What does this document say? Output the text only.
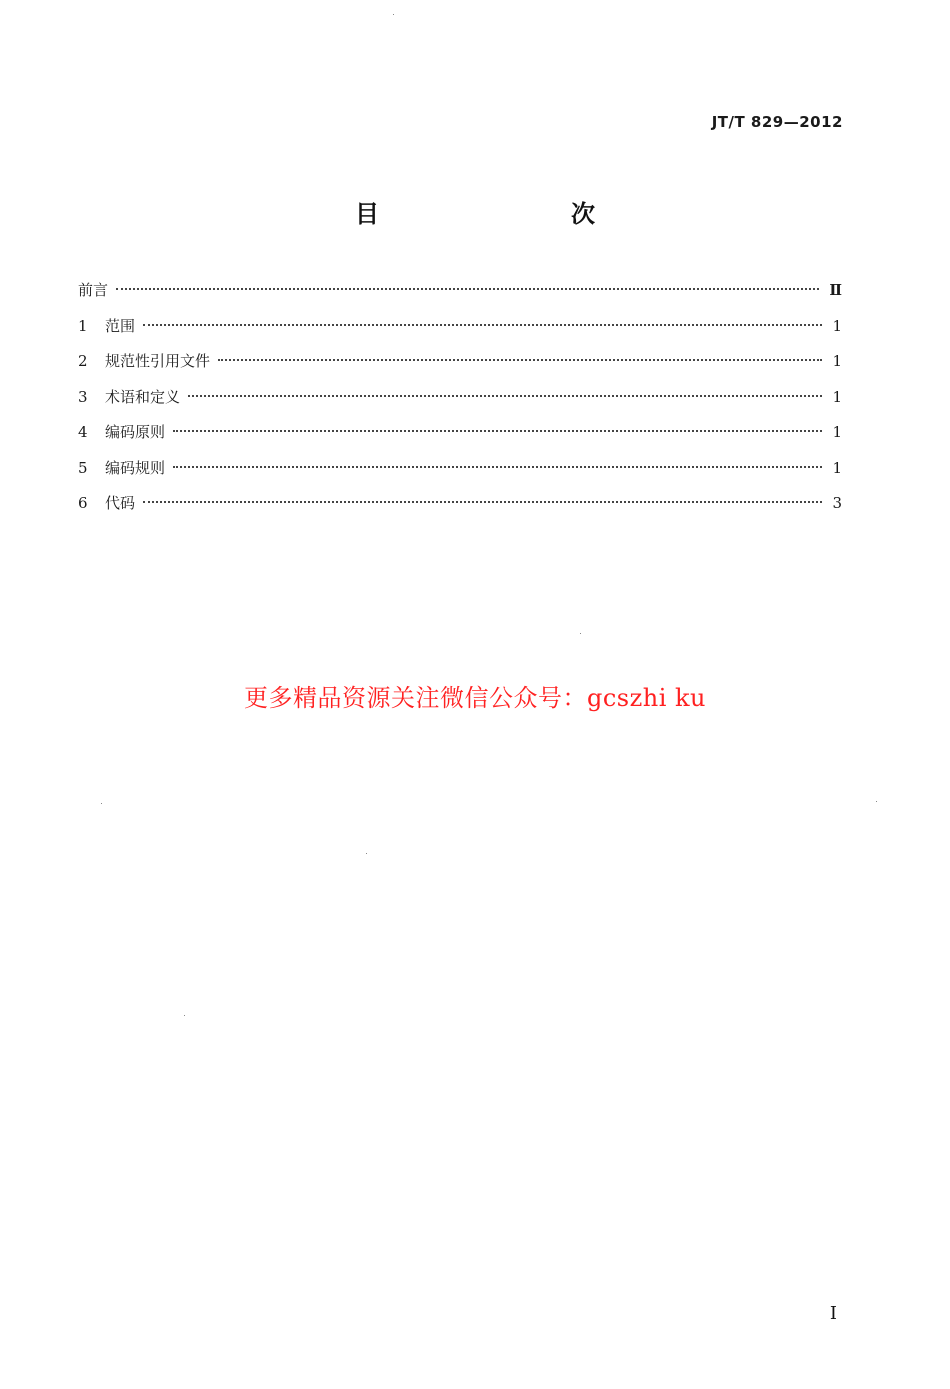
JT/T 829—2012
目　　次
前言	Ⅱ
1	范围	1
2	规范性引用文件	1
3	术语和定义	1
4	编码原则	1
5	编码规则	1
6	代码	3
更多精品资源关注微信公众号：gcszhi ku
I
